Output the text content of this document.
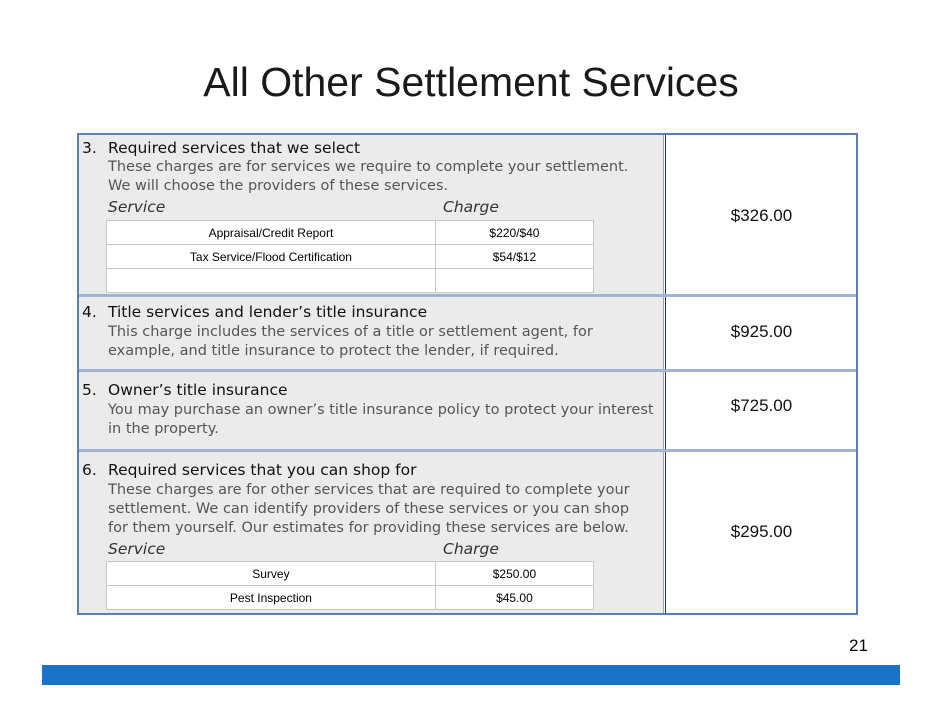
All Other Settlement Services
3. Required services that we select
These charges are for services we require to complete your settlement.
We will choose the providers of these services.
Service	Charge
Appraisal/Credit Report	$220/$40
Tax Service/Flood Certification	$54/$12

$326.00
4. Title services and lender’s title insurance
This charge includes the services of a title or settlement agent, for
example, and title insurance to protect the lender, if required.
$925.00
5. Owner’s title insurance
You may purchase an owner’s title insurance policy to protect your interest
in the property.
$725.00
6. Required services that you can shop for
These charges are for other services that are required to complete your
settlement. We can identify providers of these services or you can shop
for them yourself. Our estimates for providing these services are below.
Service	Charge
Survey	$250.00
Pest Inspection	$45.00
$295.00
21
